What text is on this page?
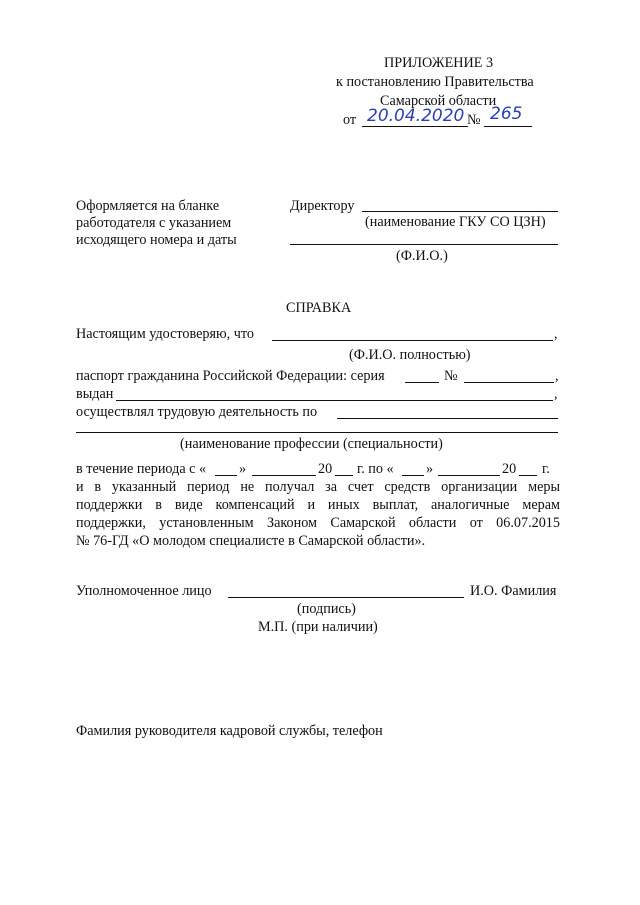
ПРИЛОЖЕНИЕ 3
к постановлению Правительства
Самарской области
от 20.04.2020 № 265
Оформляется на бланке
работодателя с указанием
исходящего номера и даты
Директору
(наименование ГКУ СО ЦЗН)
(Ф.И.О.)
СПРАВКА
Настоящим удостоверяю, что	,
(Ф.И.О. полностью)
паспорт гражданина Российской Федерации: серия	№	,
выдан	,
осуществлял трудовую деятельность по
(наименование профессии (специальности)
в течение периода с « »	20 г. по « »	20 г.
и в указанный период не получал за счет средств организации меры
поддержки в виде компенсаций и иных выплат, аналогичные мерам
поддержки, установленным Законом Самарской области от 06.07.2015
№ 76-ГД «О молодом специалисте в Самарской области».
Уполномоченное лицо	И.О. Фамилия
(подпись)
М.П. (при наличии)
Фамилия руководителя кадровой службы, телефон
